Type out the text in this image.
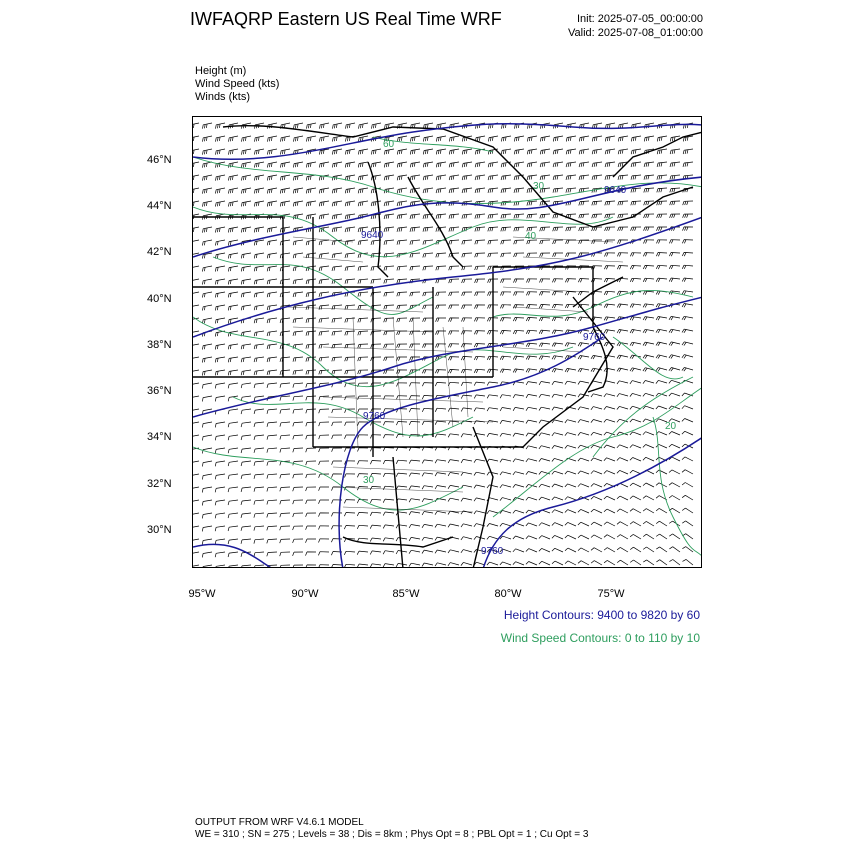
IWFAQRP Eastern US Real Time WRF	Init: 2025-07-05_00:00:00
Valid: 2025-07-08_01:00:00
Height (m)
Wind Speed (kts)
Winds (kts)
9640
9640
9760
9760
9760
60
30
40
20
30
46°N
44°N
42°N
40°N
38°N
36°N
34°N
32°N
30°N
95°W	90°W	85°W	80°W	75°W
Height Contours: 9400 to 9820 by 60
Wind Speed Contours: 0 to 110 by 10
OUTPUT FROM WRF V4.6.1 MODEL
WE = 310 ; SN = 275 ; Levels = 38 ; Dis = 8km ; Phys Opt = 8 ; PBL Opt = 1 ; Cu Opt = 3
